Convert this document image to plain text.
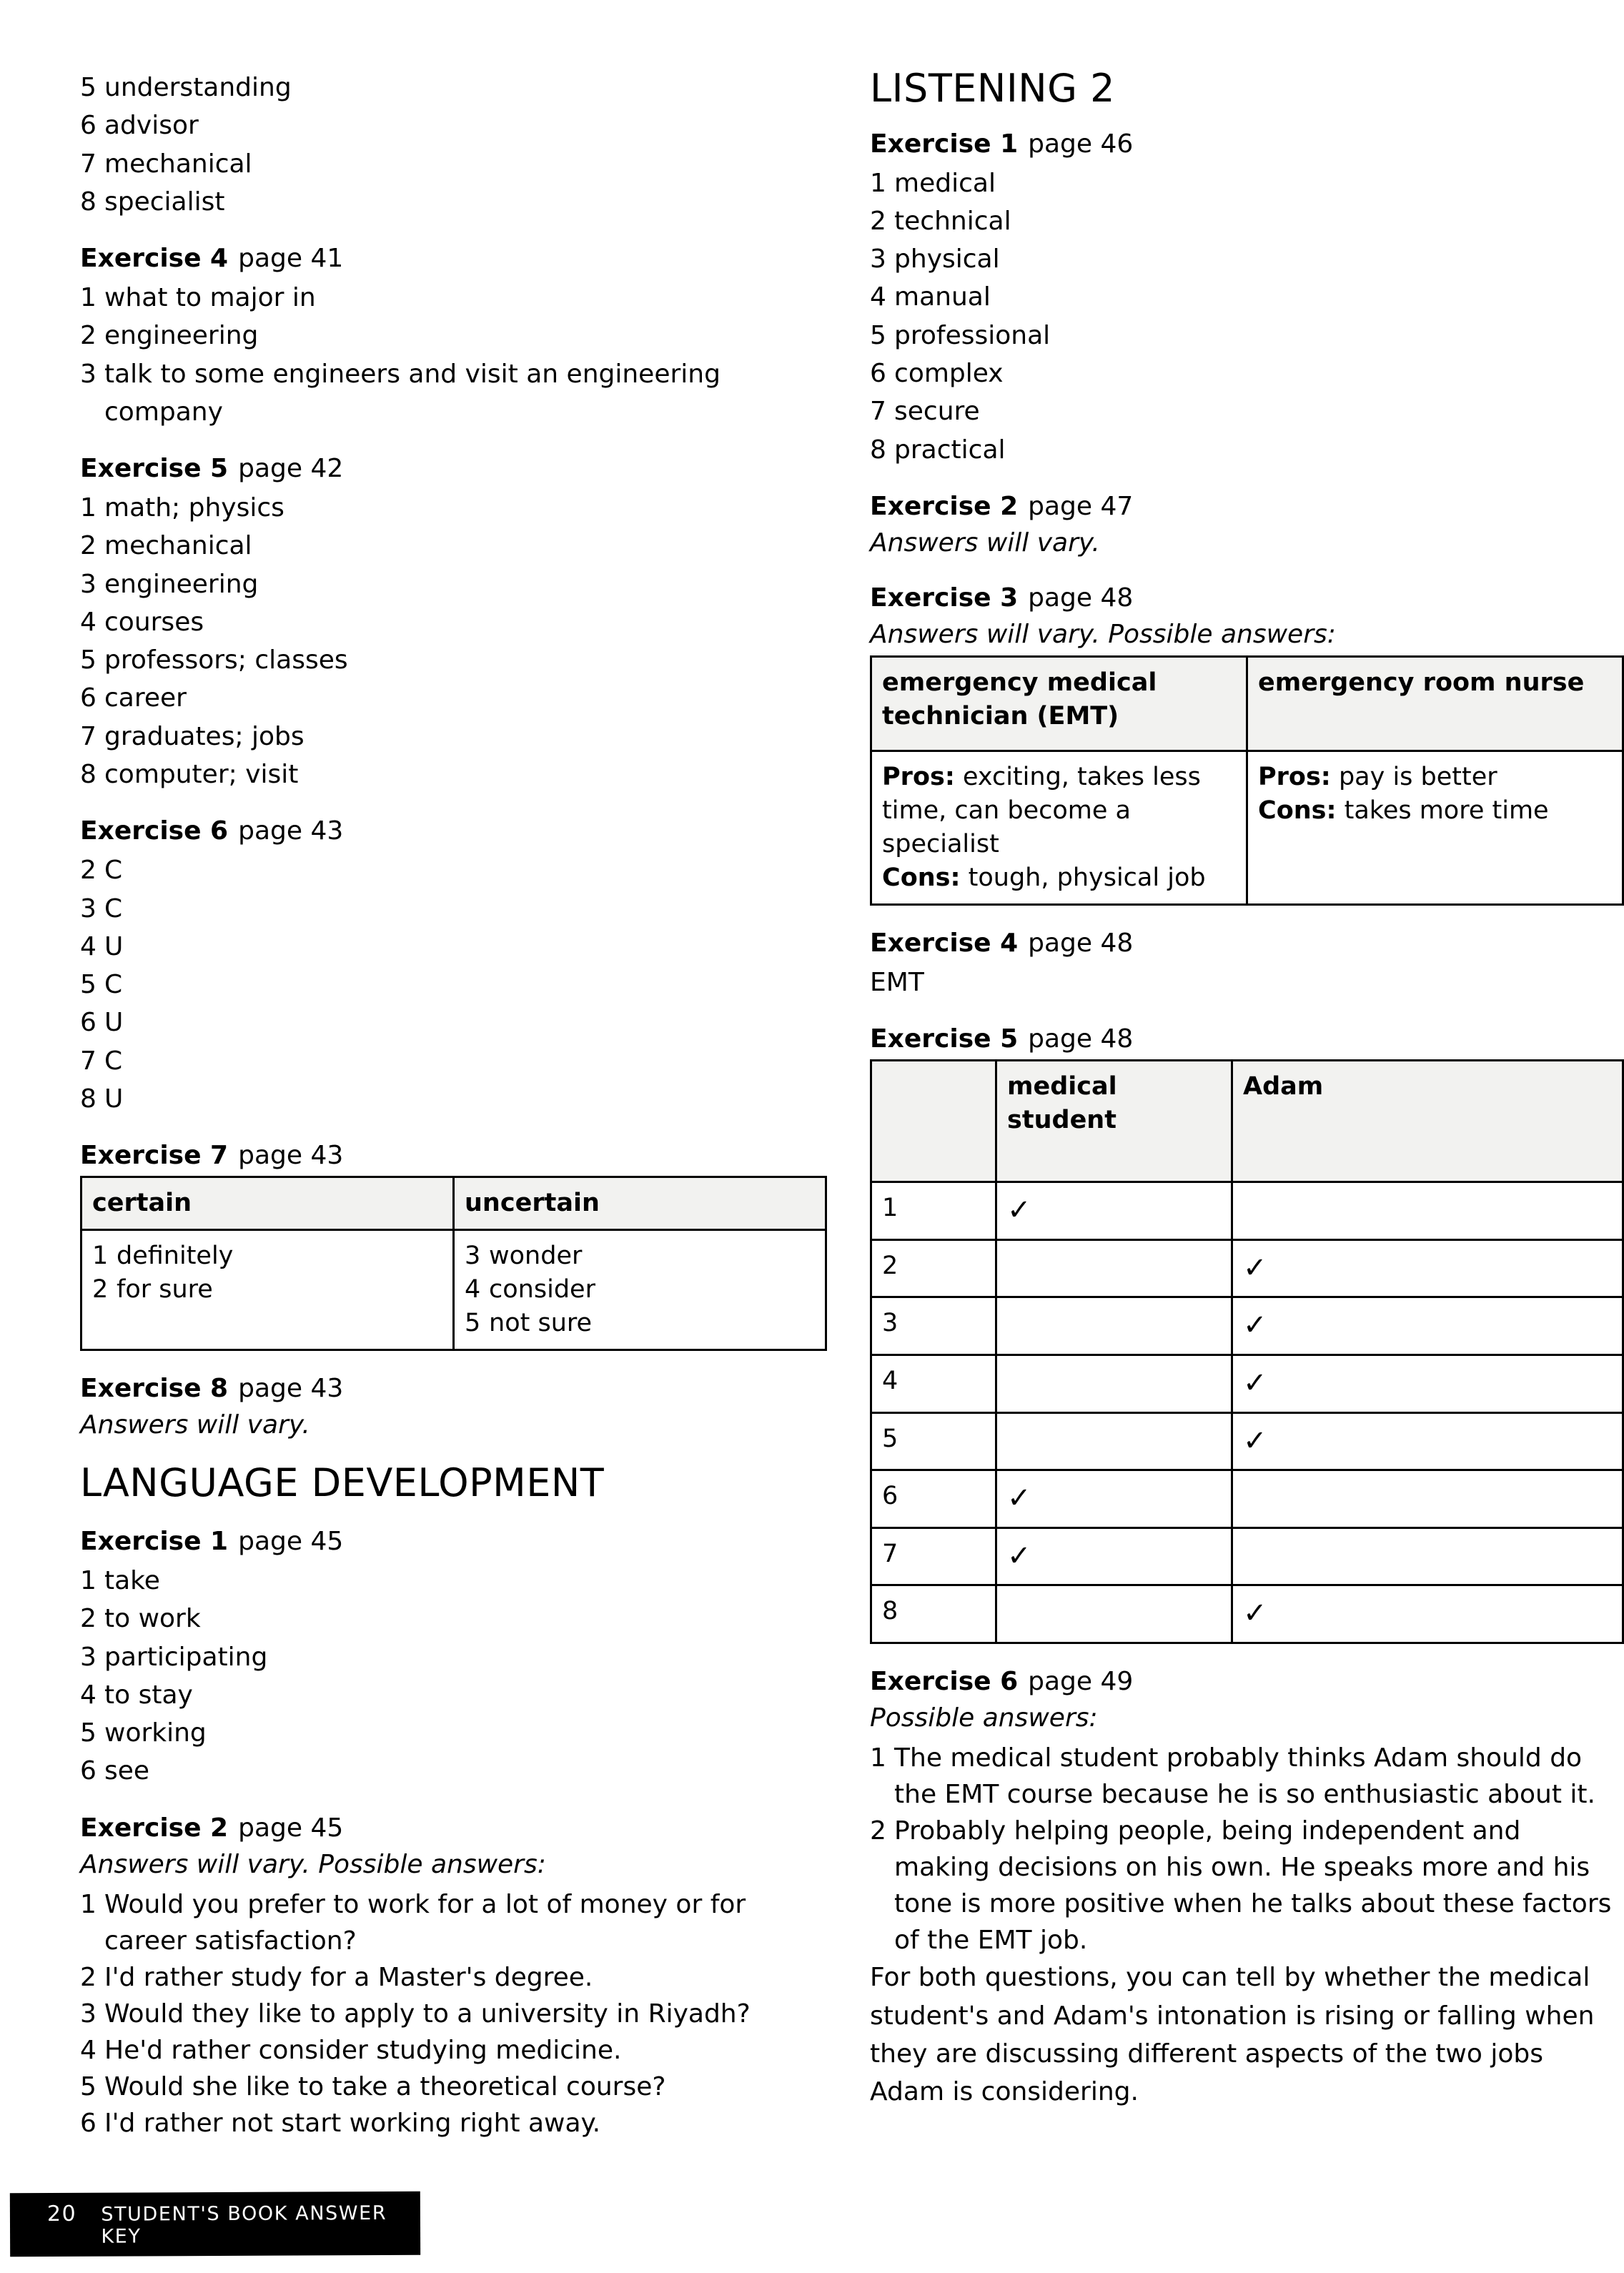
5 understanding
6 advisor
7 mechanical
8 specialist
Exercise 4 page 41
1 what to major in
2 engineering
3 talk to some engineers and visit an engineering company
Exercise 5 page 42
1 math; physics
2 mechanical
3 engineering
4 courses
5 professors; classes
6 career
7 graduates; jobs
8 computer; visit
Exercise 6 page 43
2 C
3 C
4 U
5 C
6 U
7 C
8 U
Exercise 7 page 43
certain	uncertain

1 definitely
2 for sure

3 wonder
4 consider
5 not sure
Exercise 8 page 43
Answers will vary.
LANGUAGE DEVELOPMENT
Exercise 1 page 45
1 take
2 to work
3 participating
4 to stay
5 working
6 see
Exercise 2 page 45
Answers will vary. Possible answers:
1 Would you prefer to work for a lot of money or for career satisfaction?
2 I'd rather study for a Master's degree.
3 Would they like to apply to a university in Riyadh?
4 He'd rather consider studying medicine.
5 Would she like to take a theoretical course?
6 I'd rather not start working right away.
LISTENING 2
Exercise 1 page 46
1 medical
2 technical
3 physical
4 manual
5 professional
6 complex
7 secure
8 practical
Exercise 2 page 47
Answers will vary.
Exercise 3 page 48
Answers will vary. Possible answers:
emergency medical technician (EMT)	emergency room nurse

Pros: exciting, takes less time, can become a specialist
Cons: tough, physical job

Pros: pay is better
Cons: takes more time
Exercise 4 page 48
EMT
Exercise 5 page 48
	medical student	Adam
1	✓	
2		✓
3		✓
4		✓
5		✓
6	✓	
7	✓	
8		✓
Exercise 6 page 49
Possible answers:
1 The medical student probably thinks Adam should do the EMT course because he is so enthusiastic about it.
2 Probably helping people, being independent and making decisions on his own. He speaks more and his tone is more positive when he talks about these factors of the EMT job.
For both questions, you can tell by whether the medical student's and Adam's intonation is rising or falling when they are discussing different aspects of the two jobs Adam is considering.
20 STUDENT'S BOOK ANSWER KEY
